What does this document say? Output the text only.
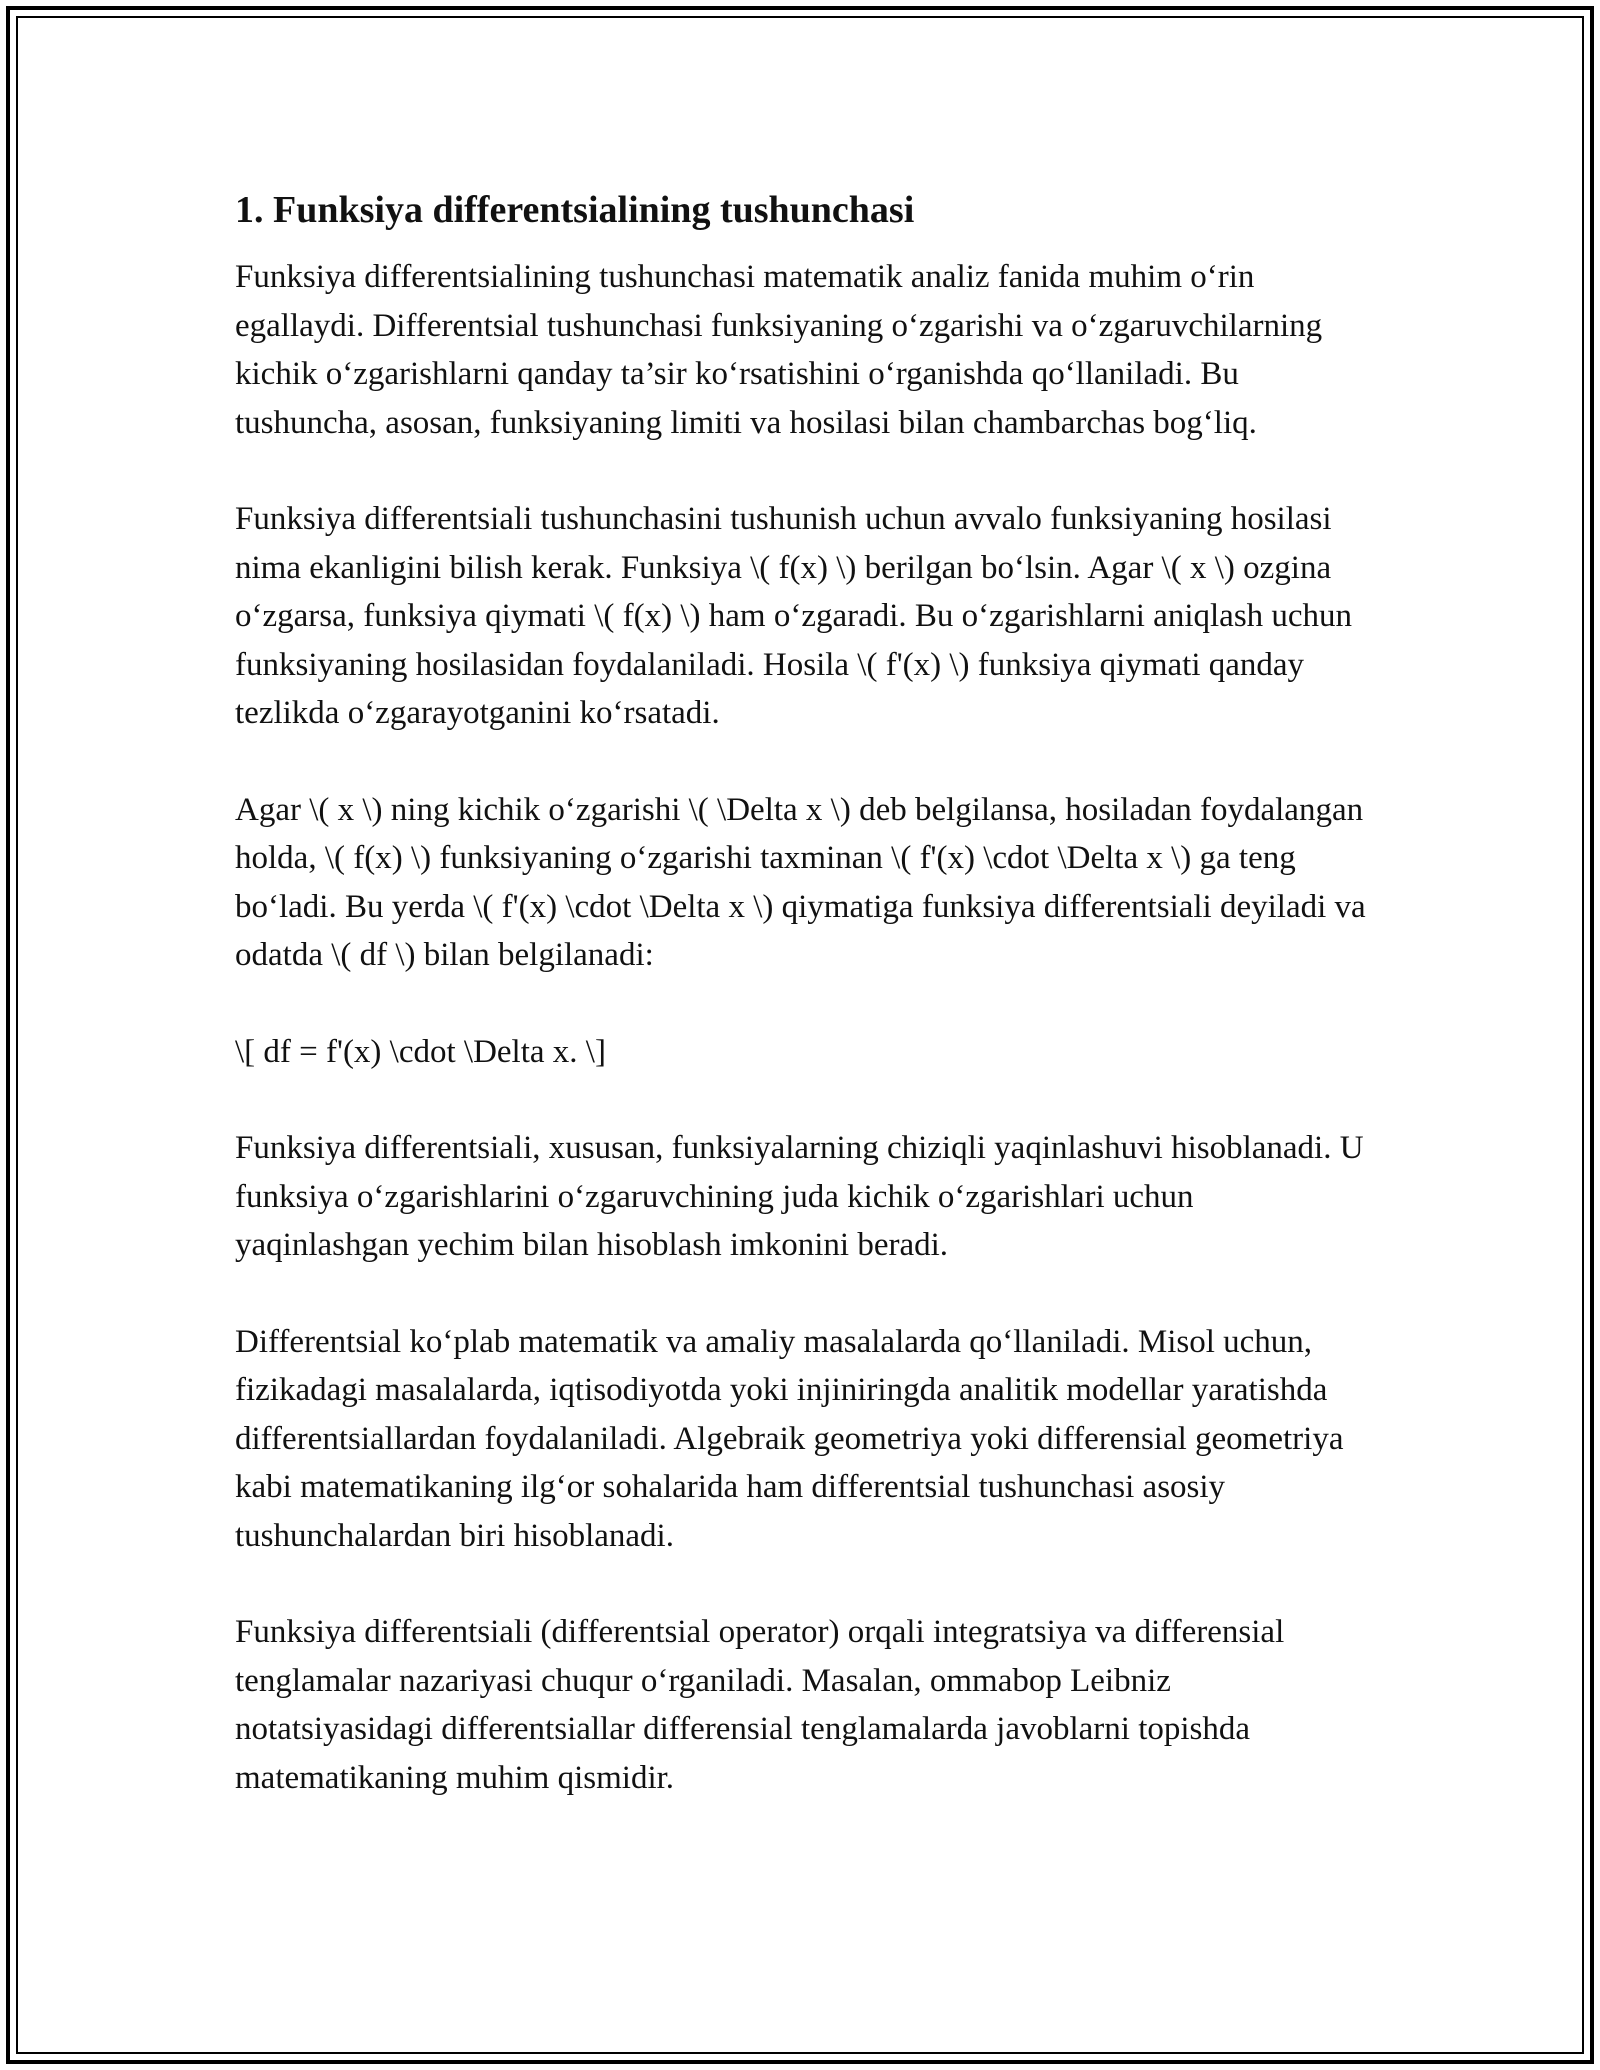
1. Funksiya differentsialining tushunchasi

Funksiya differentsialining tushunchasi matematik analiz fanida muhim o‘rin egallaydi. Differentsial tushunchasi funksiyaning o‘zgarishi va o‘zgaruvchilarning kichik o‘zgarishlarni qanday ta’sir ko‘rsatishini o‘rganishda qo‘llaniladi. Bu tushuncha, asosan, funksiyaning limiti va hosilasi bilan chambarchas bog‘liq.

Funksiya differentsiali tushunchasini tushunish uchun avvalo funksiyaning hosilasi nima ekanligini bilish kerak. Funksiya \( f(x) \) berilgan bo‘lsin. Agar \( x \) ozgina o‘zgarsa, funksiya qiymati \( f(x) \) ham o‘zgaradi. Bu o‘zgarishlarni aniqlash uchun funksiyaning hosilasidan foydalaniladi. Hosila \( f'(x) \) funksiya qiymati qanday tezlikda o‘zgarayotganini ko‘rsatadi.

Agar \( x \) ning kichik o‘zgarishi \( \Delta x \) deb belgilansa, hosiladan foydalangan holda, \( f(x) \) funksiyaning o‘zgarishi taxminan \( f'(x) \cdot \Delta x \) ga teng bo‘ladi. Bu yerda \( f'(x) \cdot \Delta x \) qiymatiga funksiya differentsiali deyiladi va odatda \( df \) bilan belgilanadi:

\[ df = f'(x) \cdot \Delta x. \]

Funksiya differentsiali, xususan, funksiyalarning chiziqli yaqinlashuvi hisoblanadi. U funksiya o‘zgarishlarini o‘zgaruvchining juda kichik o‘zgarishlari uchun yaqinlashgan yechim bilan hisoblash imkonini beradi.

Differentsial ko‘plab matematik va amaliy masalalarda qo‘llaniladi. Misol uchun, fizikadagi masalalarda, iqtisodiyotda yoki injiniringda analitik modellar yaratishda differentsiallardan foydalaniladi. Algebraik geometriya yoki differensial geometriya kabi matematikaning ilg‘or sohalarida ham differentsial tushunchasi asosiy tushunchalardan biri hisoblanadi.

Funksiya differentsiali (differentsial operator) orqali integratsiya va differensial tenglamalar nazariyasi chuqur o‘rganiladi. Masalan, ommabop Leibniz notatsiyasidagi differentsiallar differensial tenglamalarda javoblarni topishda matematikaning muhim qismidir.
